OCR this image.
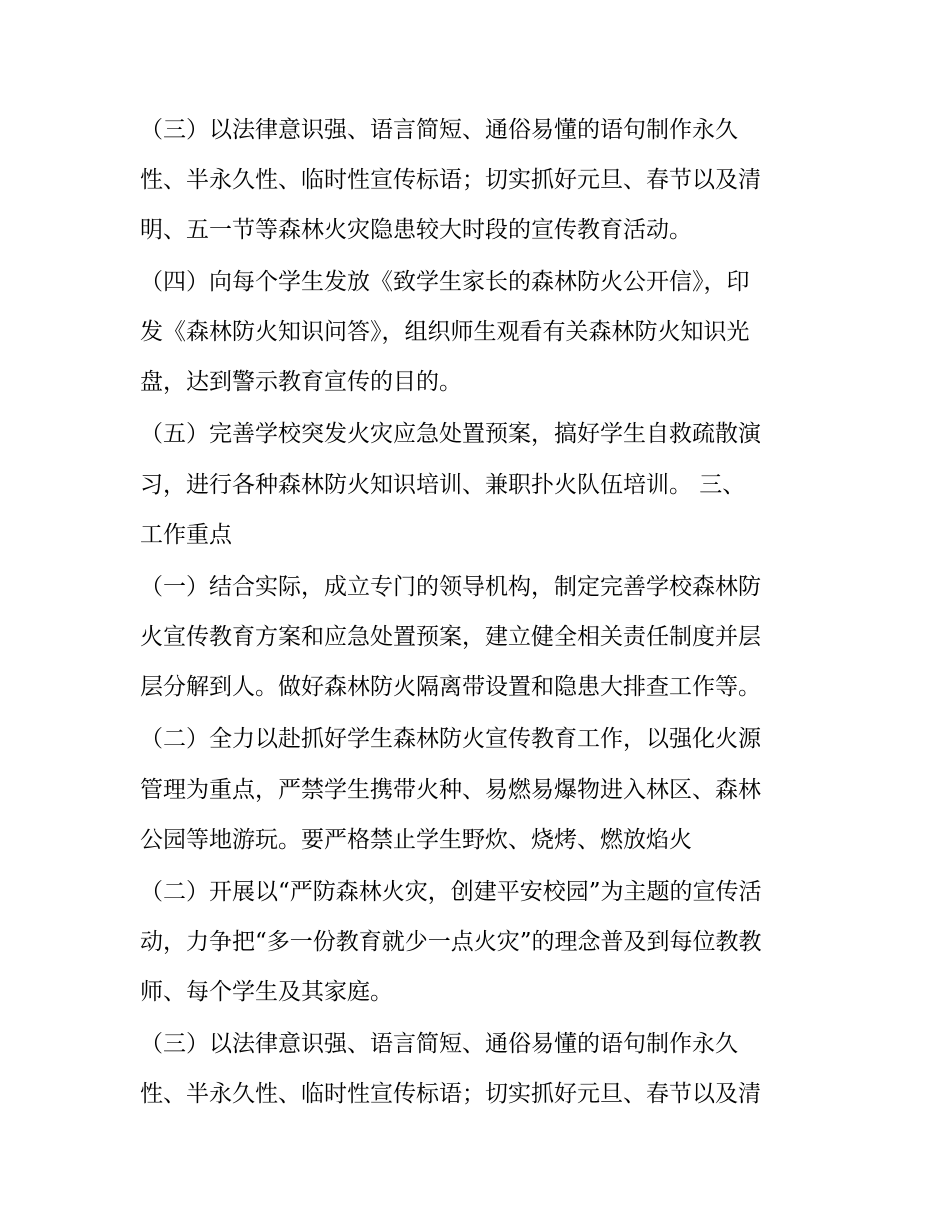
（三）以法律意识强、语言简短、通俗易懂的语句制作永久

性、半永久性、临时性宣传标语；切实抓好元旦、春节以及清

明、五一节等森林火灾隐患较大时段的宣传教育活动。

（四）向每个学生发放《致学生家长的森林防火公开信》，印

发《森林防火知识问答》，组织师生观看有关森林防火知识光

盘，达到警示教育宣传的目的。

（五）完善学校突发火灾应急处置预案，搞好学生自救疏散演

习，进行各种森林防火知识培训、兼职扑火队伍培训。 三、

工作重点

（一）结合实际，成立专门的领导机构，制定完善学校森林防

火宣传教育方案和应急处置预案，建立健全相关责任制度并层

层分解到人。做好森林防火隔离带设置和隐患大排查工作等。

（二）全力以赴抓好学生森林防火宣传教育工作，以强化火源

管理为重点，严禁学生携带火种、易燃易爆物进入林区、森林

公园等地游玩。要严格禁止学生野炊、烧烤、燃放焰火

（二）开展以“严防森林火灾，创建平安校园”为主题的宣传活

动，力争把“多一份教育就少一点火灾”的理念普及到每位教教

师、每个学生及其家庭。

（三）以法律意识强、语言简短、通俗易懂的语句制作永久

性、半永久性、临时性宣传标语；切实抓好元旦、春节以及清
